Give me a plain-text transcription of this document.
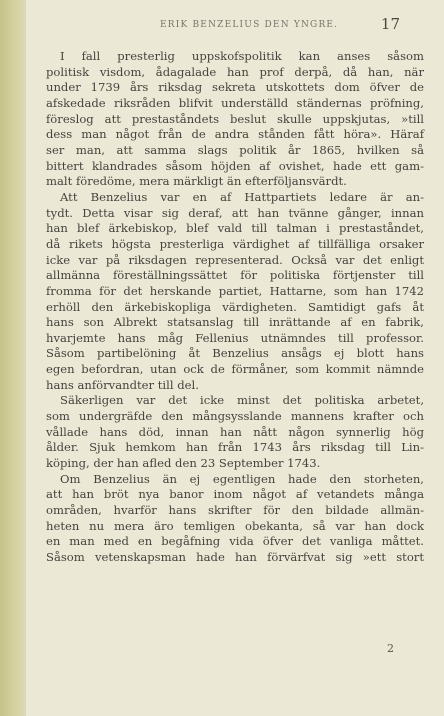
ERIK BENZELIUS DEN YNGRE.	17
I fall presterlig uppskofspolitik kan anses såsom
politisk visdom, ådagalade han prof derpå, då han, när
under 1739 års riksdag sekreta utskottets dom öfver de
afskedade riksråden blifvit underställd ständernas pröfning,
föreslog att prestaståndets beslut skulle uppskjutas, »till
dess man något från de andra stånden fått höra». Häraf
ser man, att samma slags politik år 1865, hvilken så
bittert klandrades såsom höjden af ovishet, hade ett gam-
malt föredöme, mera märkligt än efterföljansvärdt.
Att Benzelius var en af Hattpartiets ledare är an-
tydt. Detta visar sig deraf, att han tvänne gånger, innan
han blef ärkebiskop, blef vald till talman i prestaståndet,
då rikets högsta presterliga värdighet af tillfälliga orsaker
icke var på riksdagen representerad. Också var det enligt
allmänna föreställningssättet för politiska förtjenster till
fromma för det herskande partiet, Hattarne, som han 1742
erhöll den ärkebiskopliga värdigheten. Samtidigt gafs åt
hans son Albrekt statsanslag till inrättande af en fabrik,
hvarjemte hans måg Fellenius utnämndes till professor.
Såsom partibelöning åt Benzelius ansågs ej blott hans
egen befordran, utan ock de förmåner, som kommit nämnde
hans anförvandter till del.
Säkerligen var det icke minst det politiska arbetet,
som undergräfde den mångsysslande mannens krafter och
vållade hans död, innan han nått någon synnerlig hög
ålder. Sjuk hemkom han från 1743 års riksdag till Lin-
köping, der han afled den 23 September 1743.
Om Benzelius än ej egentligen hade den storheten,
att han bröt nya banor inom något af vetandets många
områden, hvarför hans skrifter för den bildade allmän-
heten nu mera äro temligen obekanta, så var han dock
en man med en begåfning vida öfver det vanliga måttet.
Såsom vetenskapsman hade han förvärfvat sig »ett stort
2
